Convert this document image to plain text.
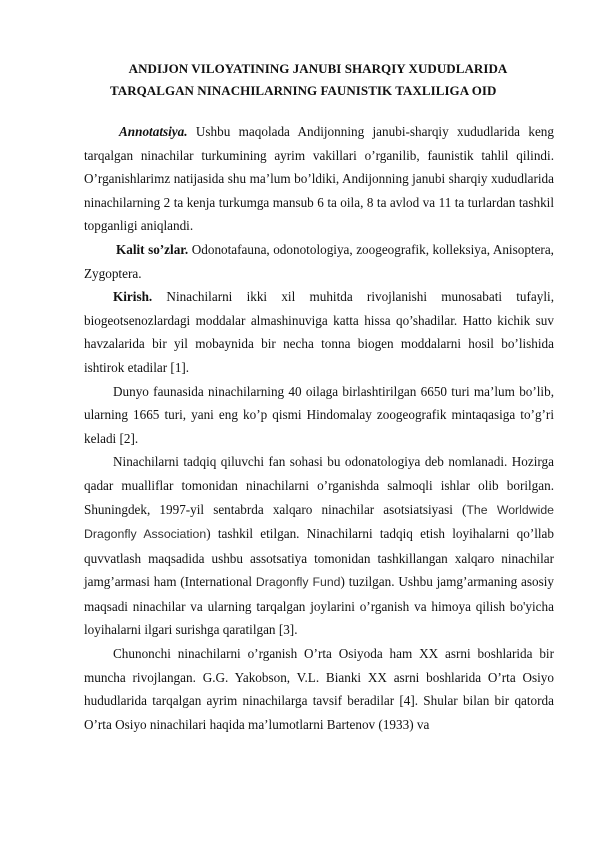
ANDIJON VILOYATINING JANUBI SHARQIY XUDUDLARIDA
TARQALGAN NINACHILARNING FAUNISTIK TAXLILIGA OID

Annotatsiya. Ushbu maqolada Andijonning janubi-sharqiy xududlarida keng tarqalgan ninachilar turkumining ayrim vakillari o’rganilib, faunistik tahlil qilindi. O’rganishlarimz natijasida shu ma’lum bo’ldiki, Andijonning janubi sharqiy xududlarida ninachilarning 2 ta kenja turkumga mansub 6 ta oila, 8 ta avlod va 11 ta turlardan tashkil topganligi aniqlandi.

Kalit so’zlar. Odonotafauna, odonotologiya, zoogeografik, kolleksiya, Anisoptera, Zygoptera.

Kirish. Ninachilarni ikki xil muhitda rivojlanishi munosabati tufayli, biogeotsenozlardagi moddalar almashinuviga katta hissa qo’shadilar. Hatto kichik suv havzalarida bir yil mobaynida bir necha tonna biogen moddalarni hosil bo’lishida ishtirok etadilar [1].

Dunyo faunasida ninachilarning 40 oilaga birlashtirilgan 6650 turi ma’lum bo’lib, ularning 1665 turi, yani eng ko’p qismi Hindomalay zoogeografik mintaqasiga to’g’ri keladi [2].

Ninachilarni tadqiq qiluvchi fan sohasi bu odonatologiya deb nomlanadi. Hozirga qadar mualliflar tomonidan ninachilarni o’rganishda salmoqli ishlar olib borilgan. Shuningdek, 1997-yil sentabrda xalqaro ninachilar asotsiatsiyasi (The Worldwide Dragonfly Association) tashkil etilgan. Ninachilarni tadqiq etish loyihalarni qo’llab quvvatlash maqsadida ushbu assotsatiya tomonidan tashkillangan xalqaro ninachilar jamg’armasi ham (International Dragonfly Fund) tuzilgan. Ushbu jamg’armaning asosiy maqsadi ninachilar va ularning tarqalgan joylarini o’rganish va himoya qilish bo'yicha loyihalarni ilgari surishga qaratilgan [3].

Chunonchi ninachilarni o’rganish O’rta Osiyoda ham XX asrni boshlarida bir muncha rivojlangan. G.G. Yakobson, V.L. Bianki XX asrni boshlarida O’rta Osiyo hududlarida tarqalgan ayrim ninachilarga tavsif beradilar [4]. Shular bilan bir qatorda O’rta Osiyo ninachilari haqida ma’lumotlarni Bartenov (1933) va
